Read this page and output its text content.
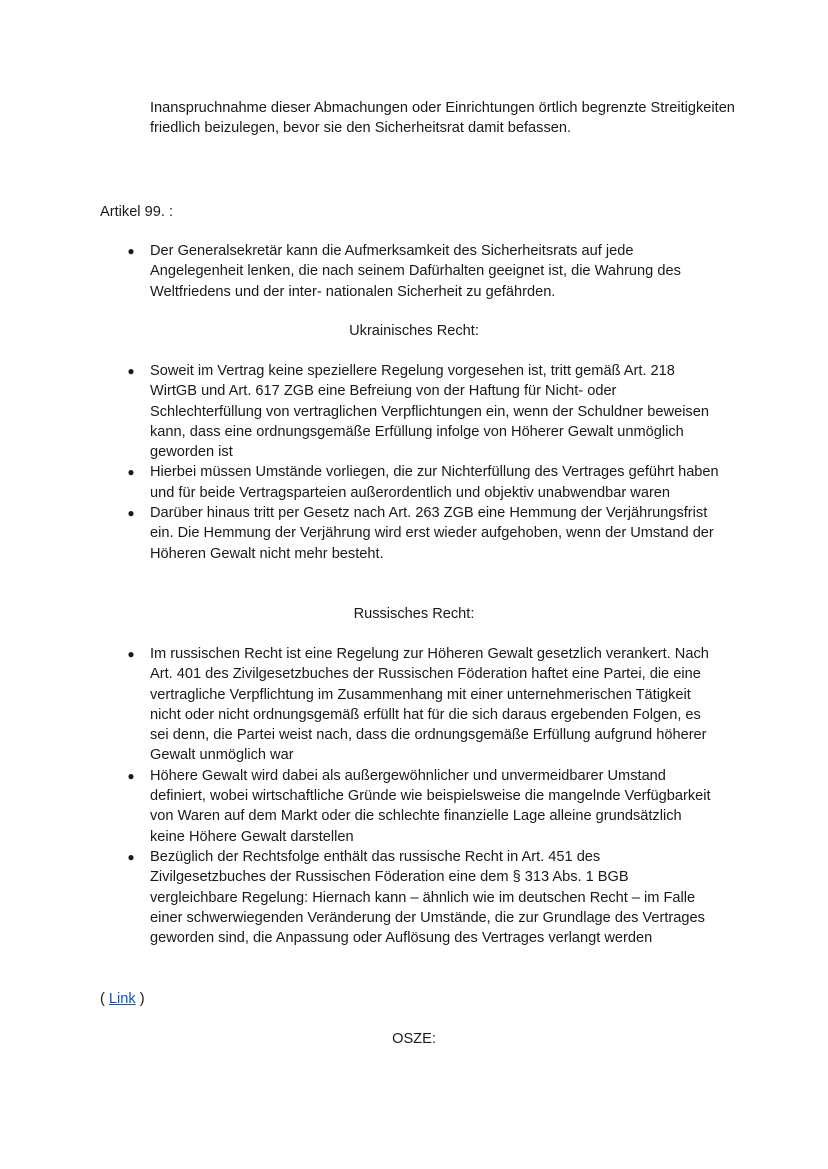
Inanspruchnahme dieser Abmachungen oder Einrichtungen örtlich begrenzte Streitigkeiten friedlich beizulegen, bevor sie den Sicherheitsrat damit befassen.

Artikel 99. :
● Der Generalsekretär kann die Aufmerksamkeit des Sicherheitsrats auf jede Angelegenheit lenken, die nach seinem Dafürhalten geeignet ist, die Wahrung des Weltfriedens und der inter- nationalen Sicherheit zu gefährden.
Ukrainisches Recht:
● Soweit im Vertrag keine speziellere Regelung vorgesehen ist, tritt gemäß Art. 218 WirtGB und Art. 617 ZGB eine Befreiung von der Haftung für Nicht- oder Schlechterfüllung von vertraglichen Verpflichtungen ein, wenn der Schuldner beweisen kann, dass eine ordnungsgemäße Erfüllung infolge von Höherer Gewalt unmöglich geworden ist
● Hierbei müssen Umstände vorliegen, die zur Nichterfüllung des Vertrages geführt haben und für beide Vertragsparteien außerordentlich und objektiv unabwendbar waren
● Darüber hinaus tritt per Gesetz nach Art. 263 ZGB eine Hemmung der Verjährungsfrist ein. Die Hemmung der Verjährung wird erst wieder aufgehoben, wenn der Umstand der Höheren Gewalt nicht mehr besteht.
Russisches Recht:
● Im russischen Recht ist eine Regelung zur Höheren Gewalt gesetzlich verankert. Nach Art. 401 des Zivilgesetzbuches der Russischen Föderation haftet eine Partei, die eine vertragliche Verpflichtung im Zusammenhang mit einer unternehmerischen Tätigkeit nicht oder nicht ordnungsgemäß erfüllt hat für die sich daraus ergebenden Folgen, es sei denn, die Partei weist nach, dass die ordnungsgemäße Erfüllung aufgrund höherer Gewalt unmöglich war
● Höhere Gewalt wird dabei als außergewöhnlicher und unvermeidbarer Umstand definiert, wobei wirtschaftliche Gründe wie beispielsweise die mangelnde Verfügbarkeit von Waren auf dem Markt oder die schlechte finanzielle Lage alleine grundsätzlich keine Höhere Gewalt darstellen
● Bezüglich der Rechtsfolge enthält das russische Recht in Art. 451 des Zivilgesetzbuches der Russischen Föderation eine dem § 313 Abs. 1 BGB vergleichbare Regelung: Hiernach kann – ähnlich wie im deutschen Recht – im Falle einer schwerwiegenden Veränderung der Umstände, die zur Grundlage des Vertrages geworden sind, die Anpassung oder Auflösung des Vertrages verlangt werden

( Link )

OSZE:
